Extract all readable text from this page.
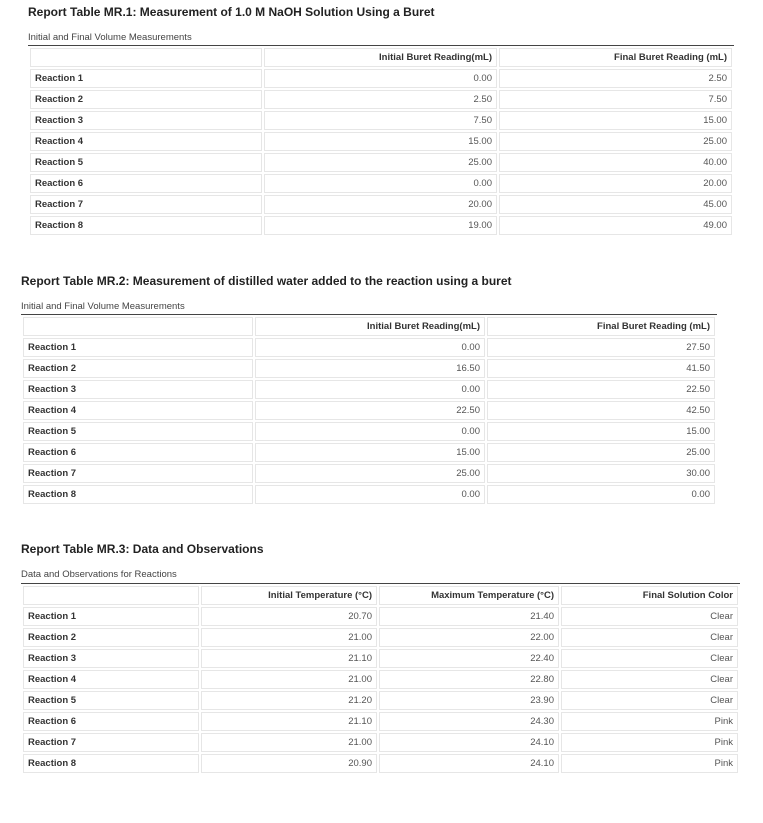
Report Table MR.1: Measurement of 1.0 M NaOH Solution Using a Buret
Initial and Final Volume Measurements
	Initial Buret Reading(mL)	Final Buret Reading (mL)
Reaction 1	0.00	2.50
Reaction 2	2.50	7.50
Reaction 3	7.50	15.00
Reaction 4	15.00	25.00
Reaction 5	25.00	40.00
Reaction 6	0.00	20.00
Reaction 7	20.00	45.00
Reaction 8	19.00	49.00
Report Table MR.2: Measurement of distilled water added to the reaction using a buret
Initial and Final Volume Measurements
	Initial Buret Reading(mL)	Final Buret Reading (mL)
Reaction 1	0.00	27.50
Reaction 2	16.50	41.50
Reaction 3	0.00	22.50
Reaction 4	22.50	42.50
Reaction 5	0.00	15.00
Reaction 6	15.00	25.00
Reaction 7	25.00	30.00
Reaction 8	0.00	0.00
Report Table MR.3: Data and Observations
Data and Observations for Reactions
	Initial Temperature (°C)	Maximum Temperature (°C)	Final Solution Color
Reaction 1	20.70	21.40	Clear
Reaction 2	21.00	22.00	Clear
Reaction 3	21.10	22.40	Clear
Reaction 4	21.00	22.80	Clear
Reaction 5	21.20	23.90	Clear
Reaction 6	21.10	24.30	Pink
Reaction 7	21.00	24.10	Pink
Reaction 8	20.90	24.10	Pink
